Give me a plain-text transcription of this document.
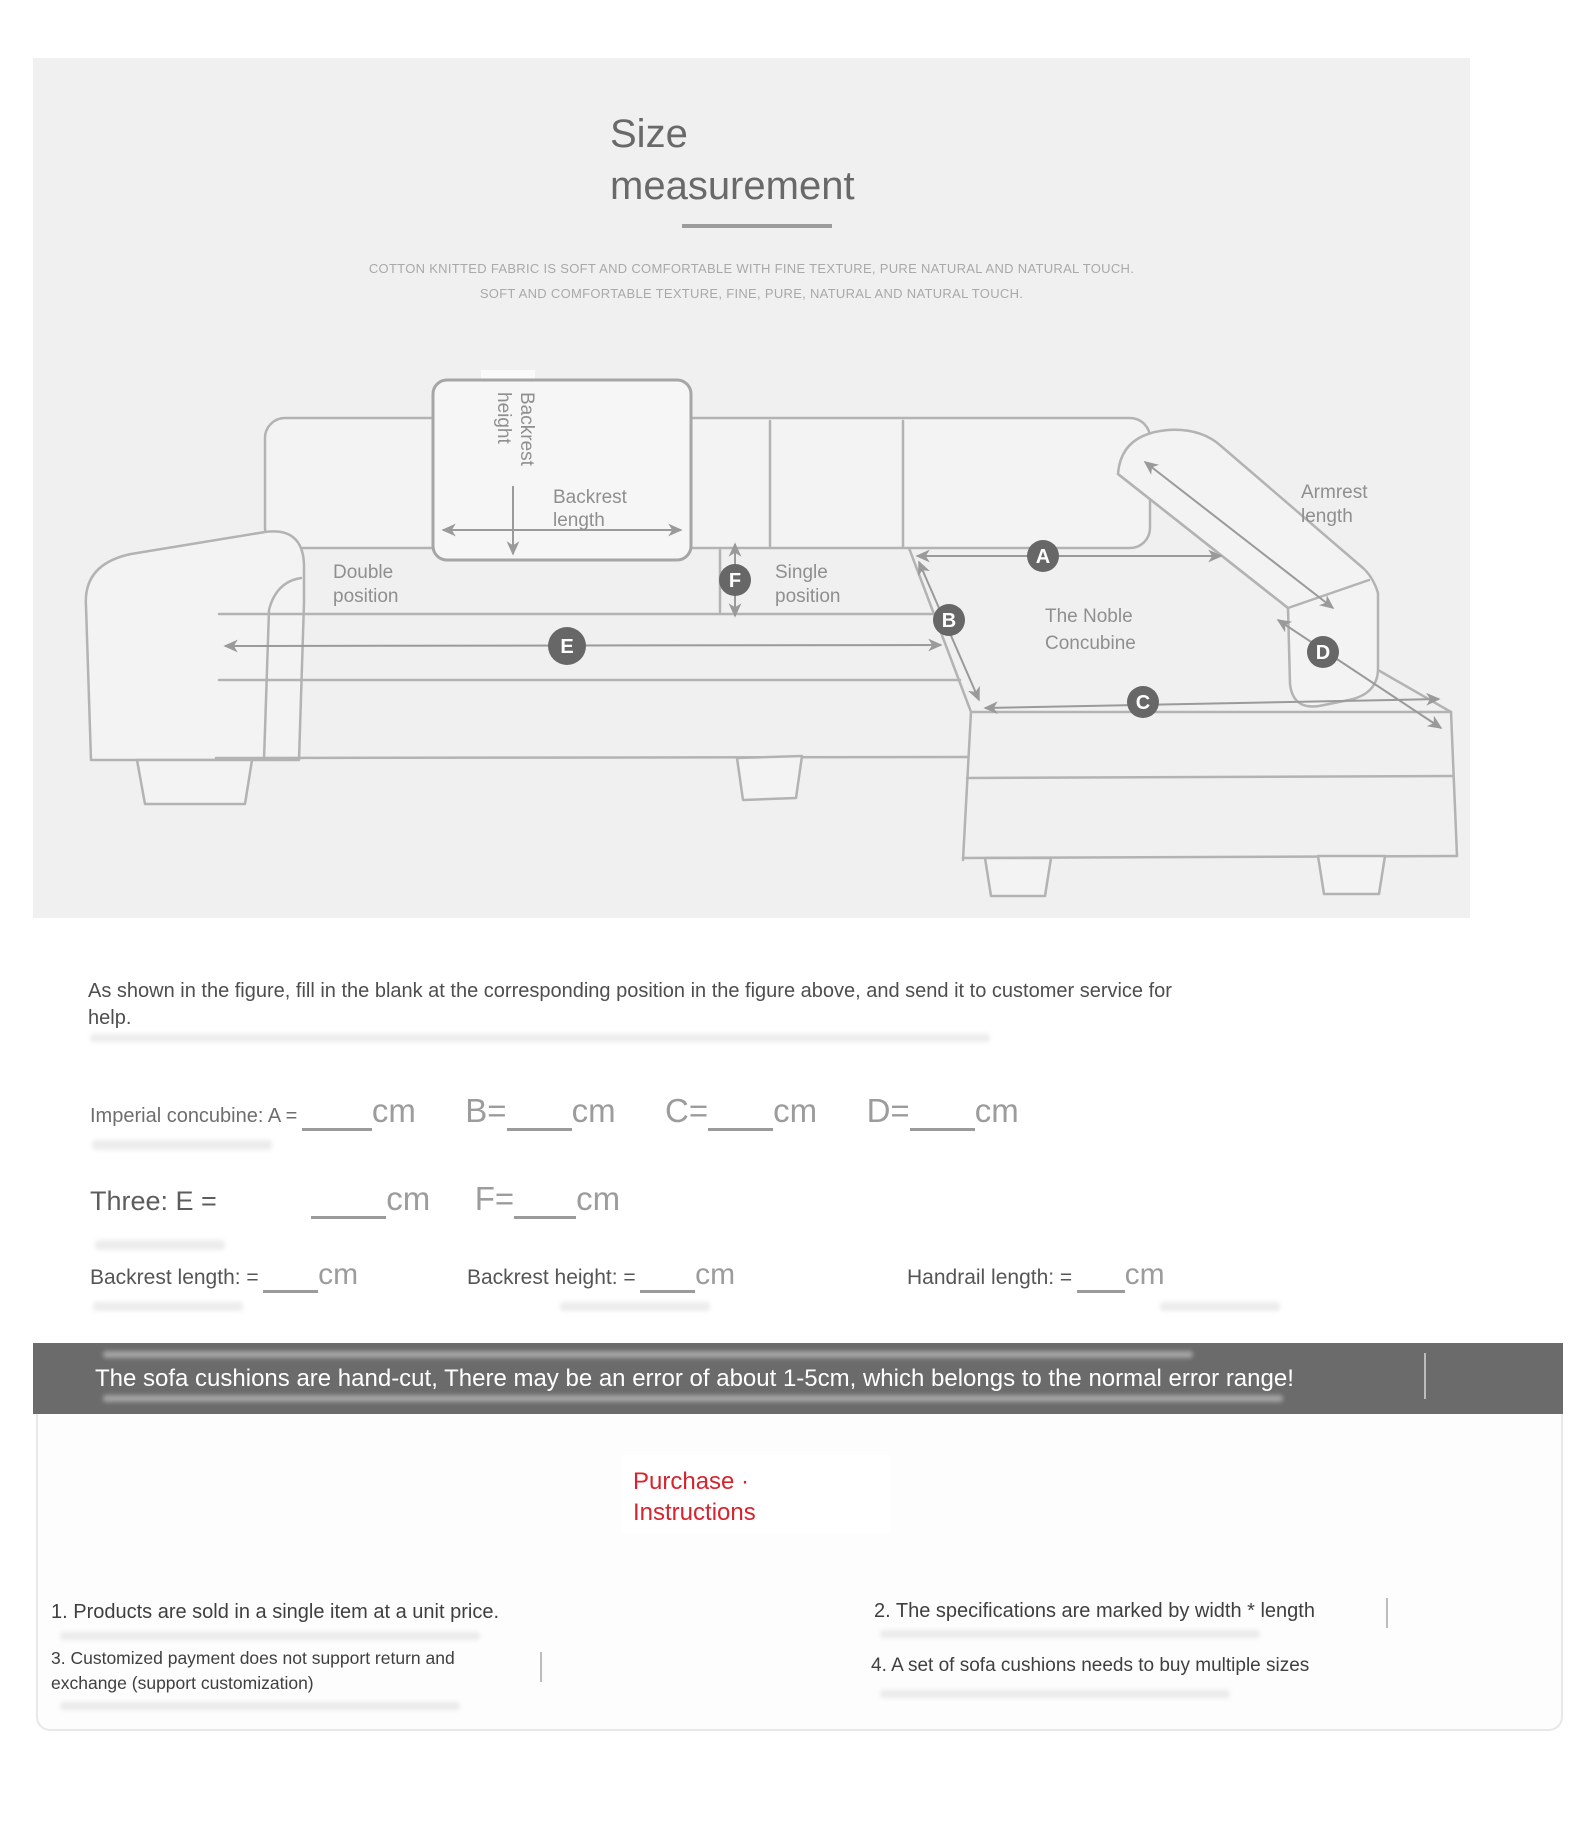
Size
measurement
COTTON KNITTED FABRIC IS SOFT AND COMFORTABLE WITH FINE TEXTURE, PURE NATURAL AND NATURAL TOUCH.
SOFT AND COMFORTABLE TEXTURE, FINE, PURE, NATURAL AND NATURAL TOUCH.
Backrest
height
Backrest
length
Double
position
Single
position
The Noble
Concubine
Armrest
length
A
B
C
D
E
F
As shown in the figure, fill in the blank at the corresponding position in the figure above, and send it to customer service for help.
Imperial concubine: A = cm B= cm C= cm D= cm
Three: E =	cm F= cm
Backrest length: = cm	Backrest height: = cm	Handrail length: = cm
The sofa cushions are hand-cut, There may be an error of about 1-5cm, which belongs to the normal error range!
Purchase ·
Instructions
1. Products are sold in a single item at a unit price.	2. The specifications are marked by width * length
3. Customized payment does not support return and exchange (support customization)
4. A set of sofa cushions needs to buy multiple sizes
